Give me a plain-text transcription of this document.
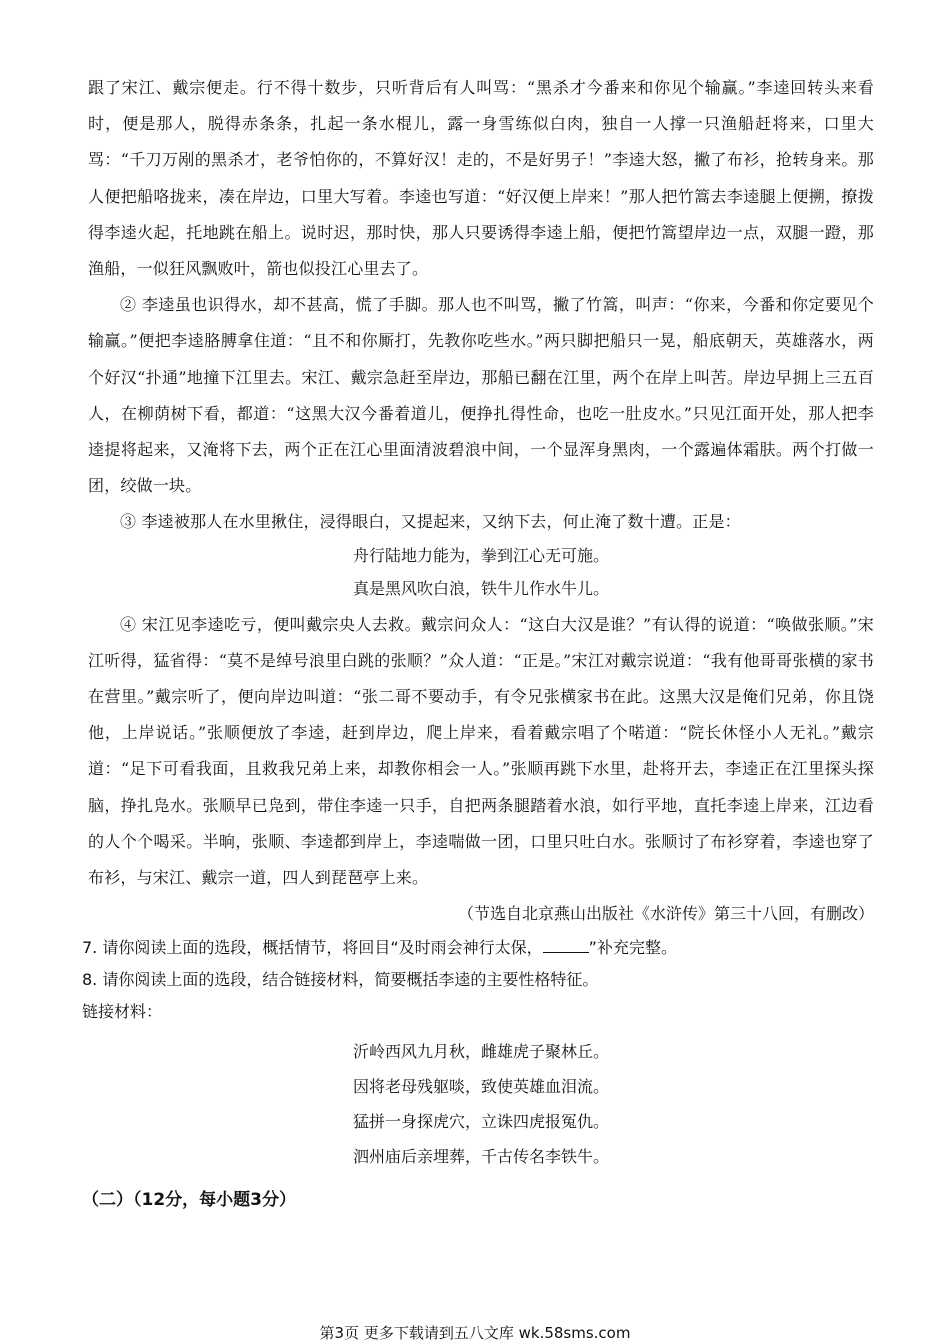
跟了宋江、戴宗便走。行不得十数步，只听背后有人叫骂：“黑杀才今番来和你见个输赢。”李逵回转头来看时，便是那人，脱得赤条条，扎起一条水棍儿，露一身雪练似白肉，独自一人撑一只渔船赶将来，口里大骂：“千刀万剐的黑杀才，老爷怕你的，不算好汉！走的，不是好男子！”李逵大怒，撇了布衫，抢转身来。那人便把船咯拢来，凑在岸边，口里大写着。李逵也写道：“好汉便上岸来！”那人把竹篙去李逵腿上便搠，撩拨得李逵火起，托地跳在船上。说时迟，那时快，那人只要诱得李逵上船，便把竹篙望岸边一点，双腿一蹬，那渔船，一似狂风飘败叶，箭也似投江心里去了。

② 李逵虽也识得水，却不甚高，慌了手脚。那人也不叫骂，撇了竹篙，叫声：“你来，今番和你定要见个输赢。”便把李逵胳膊拿住道：“且不和你厮打，先教你吃些水。”两只脚把船只一晃，船底朝天，英雄落水，两个好汉“扑通”地撞下江里去。宋江、戴宗急赶至岸边，那船已翻在江里，两个在岸上叫苦。岸边早拥上三五百人，在柳荫树下看，都道：“这黑大汉今番着道儿，便挣扎得性命，也吃一肚皮水。”只见江面开处，那人把李逵提将起来，又淹将下去，两个正在江心里面清波碧浪中间，一个显浑身黑肉，一个露遍体霜肤。两个打做一团，绞做一块。

③ 李逵被那人在水里揪住，浸得眼白，又提起来，又纳下去，何止淹了数十遭。正是：

舟行陆地力能为，拳到江心无可施。

真是黑风吹白浪，铁牛儿作水牛儿。

④ 宋江见李逵吃亏，便叫戴宗央人去救。戴宗问众人：“这白大汉是谁？”有认得的说道：“唤做张顺。”宋江听得，猛省得：“莫不是绰号浪里白跳的张顺？”众人道：“正是。”宋江对戴宗说道：“我有他哥哥张横的家书在营里。”戴宗听了，便向岸边叫道：“张二哥不要动手，有令兄张横家书在此。这黑大汉是俺们兄弟，你且饶他，上岸说话。”张顺便放了李逵，赶到岸边，爬上岸来，看着戴宗唱了个喏道：“院长休怪小人无礼。”戴宗道：“足下可看我面，且救我兄弟上来，却教你相会一人。”张顺再跳下水里，赴将开去，李逵正在江里探头探脑，挣扎凫水。张顺早已凫到，带住李逵一只手，自把两条腿踏着水浪，如行平地，直托李逵上岸来，江边看的人个个喝采。半晌，张顺、李逵都到岸上，李逵喘做一团，口里只吐白水。张顺讨了布衫穿着，李逵也穿了布衫，与宋江、戴宗一道，四人到琵琶亭上来。

（节选自北京燕山出版社《水浒传》第三十八回，有删改）

7. 请你阅读上面的选段，概括情节，将回目“及时雨会神行太保，	”补充完整。

8. 请你阅读上面的选段，结合链接材料，简要概括李逵的主要性格特征。

链接材料：

沂岭西风九月秋，雌雄虎子聚林丘。

因将老母残躯啖，致使英雄血泪流。

猛拼一身探虎穴，立诛四虎报冤仇。

泗州庙后亲埋葬，千古传名李铁牛。

（二）（12分，每小题3分）

第3页 更多下载请到五八文库 wk.58sms.com
